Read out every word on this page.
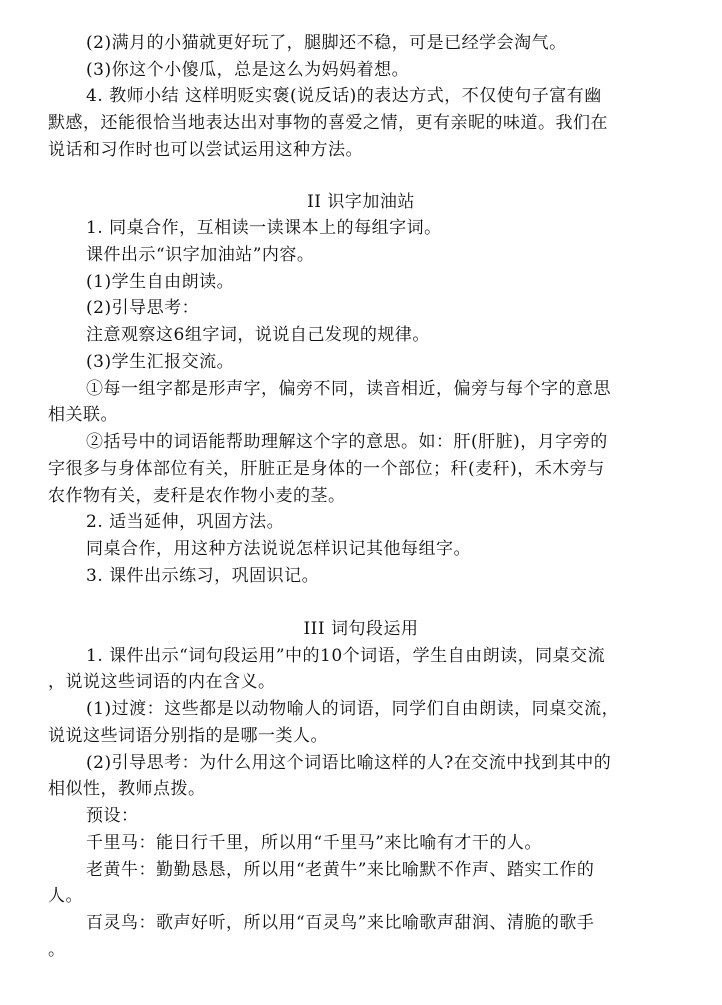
(2)满月的小猫就更好玩了，腿脚还不稳，可是已经学会淘气。
(3)你这个小傻瓜，总是这么为妈妈着想。
4. 教师小结 这样明贬实褒(说反话)的表达方式，不仅使句子富有幽
默感，还能很恰当地表达出对事物的喜爱之情，更有亲昵的味道。我们在
说话和习作时也可以尝试运用这种方法。
II 识字加油站
1. 同桌合作，互相读一读课本上的每组字词。
课件出示“识字加油站”内容。
(1)学生自由朗读。
(2)引导思考：
注意观察这6组字词，说说自己发现的规律。
(3)学生汇报交流。
①每一组字都是形声字，偏旁不同，读音相近，偏旁与每个字的意思
相关联。
②括号中的词语能帮助理解这个字的意思。如：肝(肝脏)，月字旁的
字很多与身体部位有关，肝脏正是身体的一个部位；秆(麦秆)，禾木旁与
农作物有关，麦秆是农作物小麦的茎。
2. 适当延伸，巩固方法。
同桌合作，用这种方法说说怎样识记其他每组字。
3. 课件出示练习，巩固识记。
III 词句段运用
1. 课件出示“词句段运用”中的10个词语，学生自由朗读，同桌交流
，说说这些词语的内在含义。
(1)过渡：这些都是以动物喻人的词语，同学们自由朗读，同桌交流，
说说这些词语分别指的是哪一类人。
(2)引导思考：为什么用这个词语比喻这样的人?在交流中找到其中的
相似性，教师点拨。
预设：
千里马：能日行千里，所以用“千里马”来比喻有才干的人。
老黄牛：勤勤恳恳，所以用“老黄牛”来比喻默不作声、踏实工作的
人。
百灵鸟：歌声好听，所以用“百灵鸟”来比喻歌声甜润、清脆的歌手
。
